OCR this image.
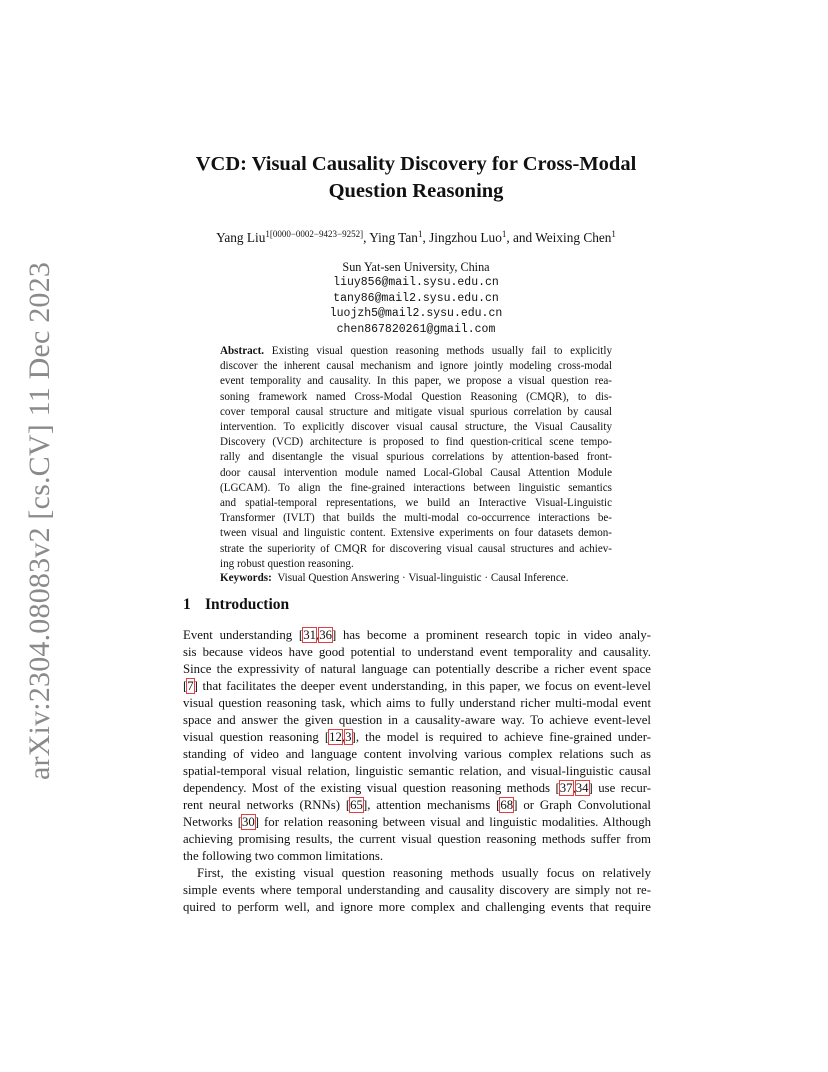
arXiv:2304.08083v2 [cs.CV] 11 Dec 2023
VCD: Visual Causality Discovery for Cross-Modal
Question Reasoning
Yang Liu$^{1[0000-0002-9423-9252]}$, Ying Tan$^1$, Jingzhou Luo$^1$, and Weixing Chen$^1$
Sun Yat-sen University, China
liuy856@mail.sysu.edu.cn
tany86@mail2.sysu.edu.cn
luojzh5@mail2.sysu.edu.cn
chen867820261@gmail.com
Abstract. Existing visual question reasoning methods usually fail to explicitly
discover the inherent causal mechanism and ignore jointly modeling cross-modal
event temporality and causality. In this paper, we propose a visual question rea-
soning framework named Cross-Modal Question Reasoning (CMQR), to dis-
cover temporal causal structure and mitigate visual spurious correlation by causal
intervention. To explicitly discover visual causal structure, the Visual Causality
Discovery (VCD) architecture is proposed to find question-critical scene tempo-
rally and disentangle the visual spurious correlations by attention-based front-
door causal intervention module named Local-Global Causal Attention Module
(LGCAM). To align the fine-grained interactions between linguistic semantics
and spatial-temporal representations, we build an Interactive Visual-Linguistic
Transformer (IVLT) that builds the multi-modal co-occurrence interactions be-
tween visual and linguistic content. Extensive experiments on four datasets demon-
strate the superiority of CMQR for discovering visual causal structures and achiev-
ing robust question reasoning.
Keywords: Visual Question Answering · Visual-linguistic · Causal Inference.
1 Introduction
Event understanding [31,36] has become a prominent research topic in video analy-
sis because videos have good potential to understand event temporality and causality.
Since the expressivity of natural language can potentially describe a richer event space
[7] that facilitates the deeper event understanding, in this paper, we focus on event-level
visual question reasoning task, which aims to fully understand richer multi-modal event
space and answer the given question in a causality-aware way. To achieve event-level
visual question reasoning [12,3], the model is required to achieve fine-grained under-
standing of video and language content involving various complex relations such as
spatial-temporal visual relation, linguistic semantic relation, and visual-linguistic causal
dependency. Most of the existing visual question reasoning methods [37,34] use recur-
rent neural networks (RNNs) [65], attention mechanisms [68] or Graph Convolutional
Networks [30] for relation reasoning between visual and linguistic modalities. Although
achieving promising results, the current visual question reasoning methods suffer from
the following two common limitations.
First, the existing visual question reasoning methods usually focus on relatively
simple events where temporal understanding and causality discovery are simply not re-
quired to perform well, and ignore more complex and challenging events that require
